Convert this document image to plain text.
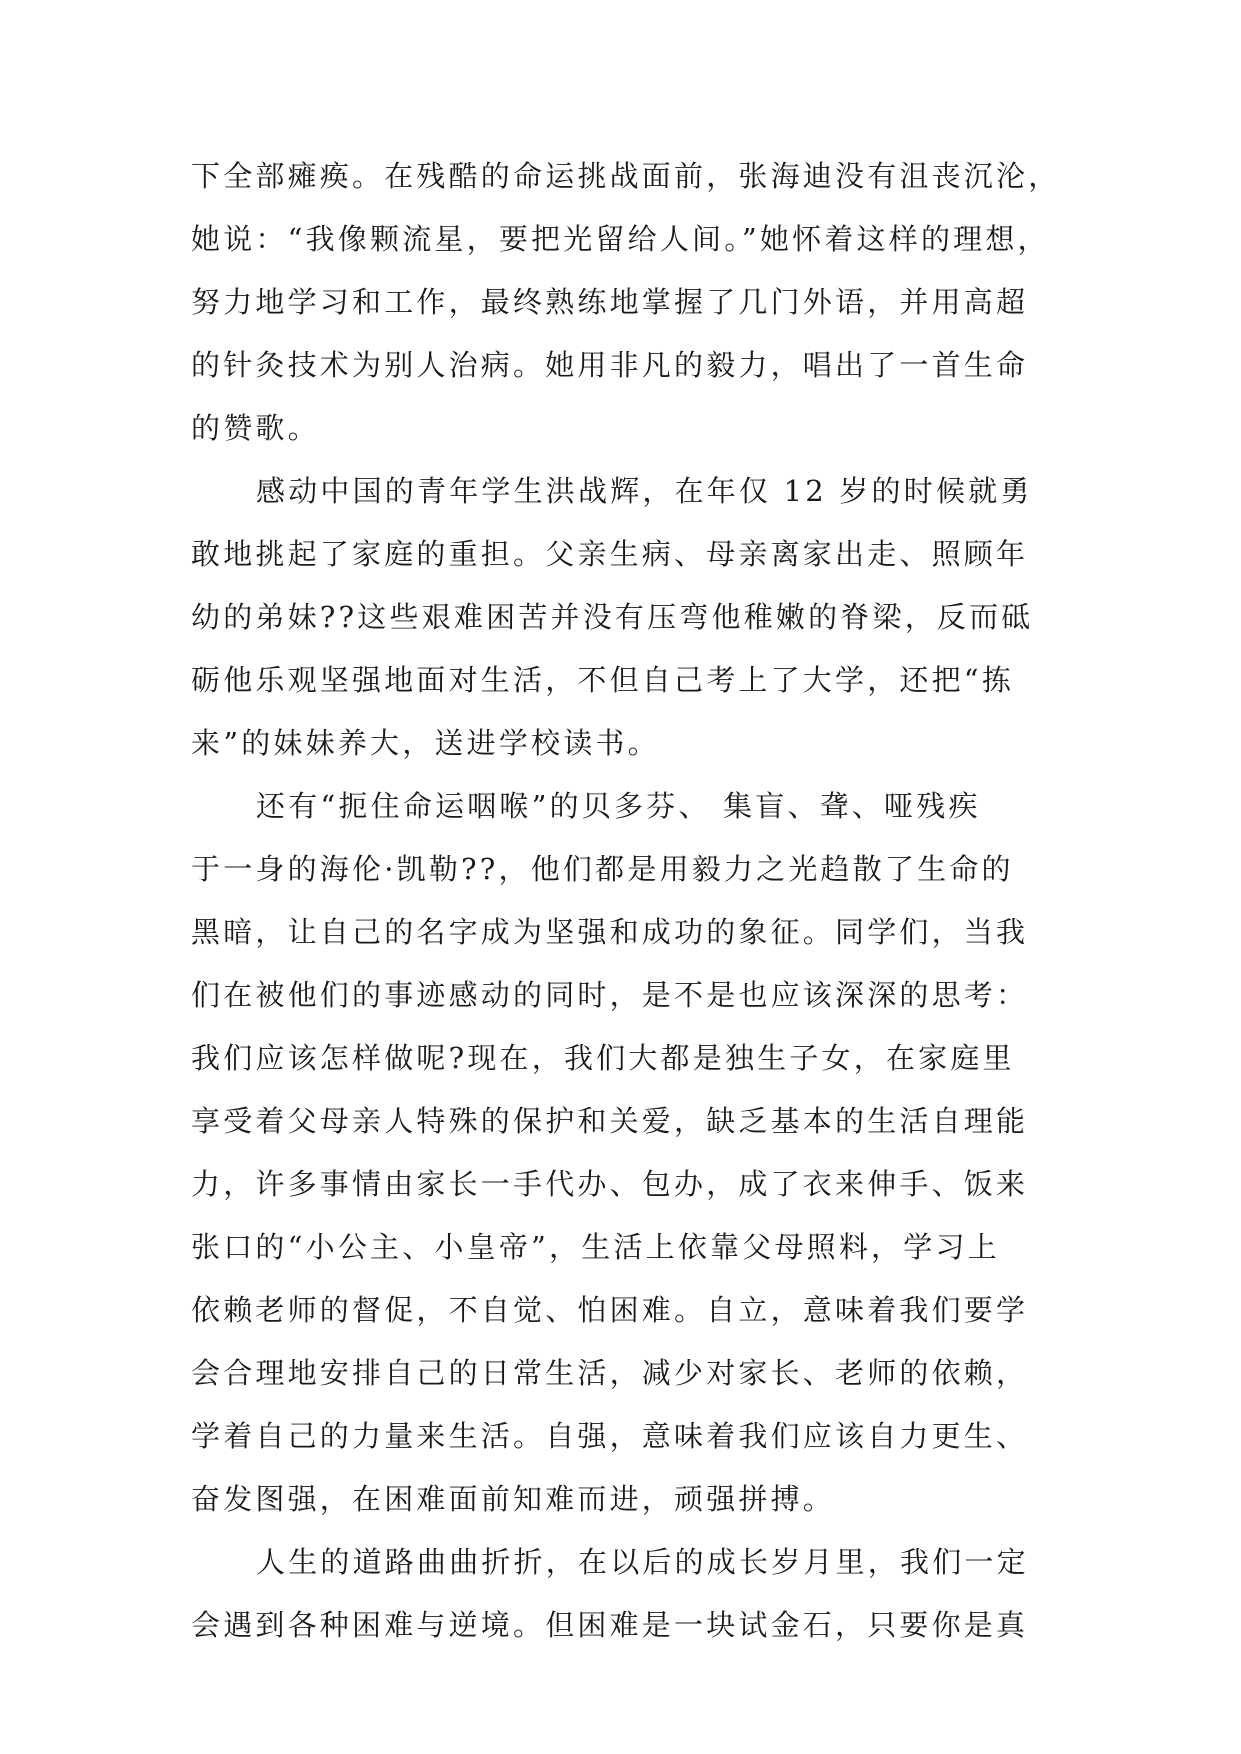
下全部瘫痪。在残酷的命运挑战面前，张海迪没有沮丧沉沦，
她说：“我像颗流星，要把光留给人间。”她怀着这样的理想，
努力地学习和工作，最终熟练地掌握了几门外语，并用高超
的针灸技术为别人治病。她用非凡的毅力，唱出了一首生命
的赞歌。
感动中国的青年学生洪战辉，在年仅 12 岁的时候就勇
敢地挑起了家庭的重担。父亲生病、母亲离家出走、照顾年
幼的弟妹??这些艰难困苦并没有压弯他稚嫩的脊梁，反而砥
砺他乐观坚强地面对生活，不但自己考上了大学，还把“拣
来”的妹妹养大，送进学校读书。
还有“扼住命运咽喉”的贝多芬、 集盲、聋、哑残疾
于一身的海伦·凯勒??，他们都是用毅力之光趋散了生命的
黑暗，让自己的名字成为坚强和成功的象征。同学们，当我
们在被他们的事迹感动的同时，是不是也应该深深的思考：
我们应该怎样做呢?现在，我们大都是独生子女，在家庭里
享受着父母亲人特殊的保护和关爱，缺乏基本的生活自理能
力，许多事情由家长一手代办、包办，成了衣来伸手、饭来
张口的“小公主、小皇帝”，生活上依靠父母照料，学习上
依赖老师的督促，不自觉、怕困难。自立，意味着我们要学
会合理地安排自己的日常生活，减少对家长、老师的依赖，
学着自己的力量来生活。自强，意味着我们应该自力更生、
奋发图强，在困难面前知难而进，顽强拼搏。
人生的道路曲曲折折，在以后的成长岁月里，我们一定
会遇到各种困难与逆境。但困难是一块试金石，只要你是真
